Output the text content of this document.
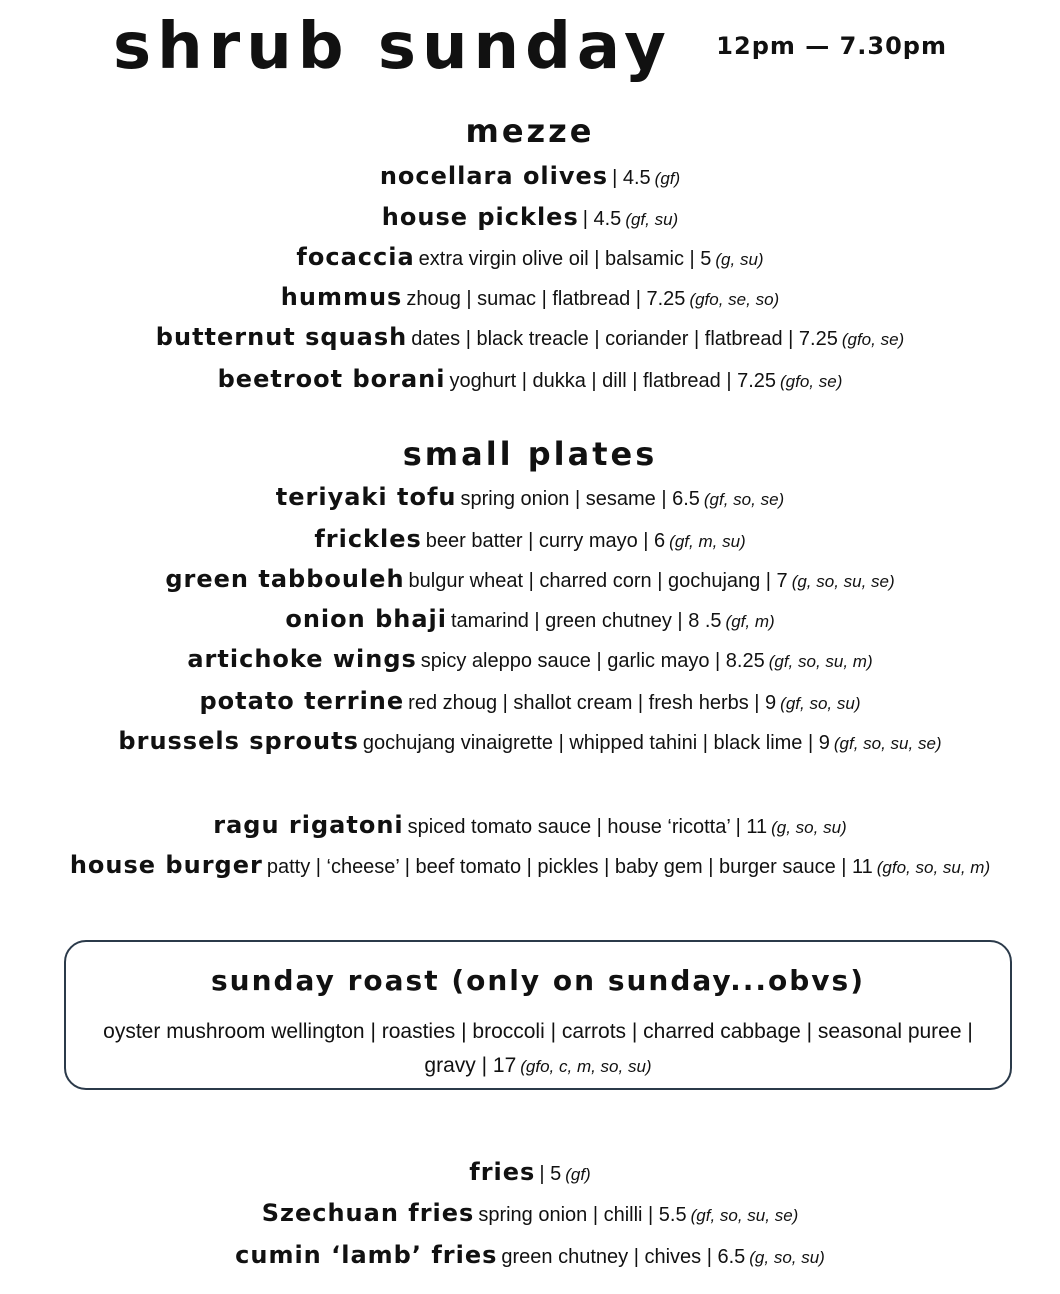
shrub sunday 12pm — 7.30pm
mezze
nocellara olives | 4.5 (gf)
house pickles | 4.5 (gf, su)
focaccia extra virgin olive oil | balsamic | 5 (g, su)
hummus zhoug | sumac | flatbread | 7.25 (gfo, se, so)
butternut squash dates | black treacle | coriander | flatbread | 7.25 (gfo, se)
beetroot borani yoghurt | dukka | dill | flatbread | 7.25 (gfo, se)
small plates
teriyaki tofu spring onion | sesame | 6.5 (gf, so, se)
frickles beer batter | curry mayo | 6 (gf, m, su)
green tabbouleh bulgur wheat | charred corn | gochujang | 7 (g, so, su, se)
onion bhaji tamarind | green chutney | 8 .5 (gf, m)
artichoke wings spicy aleppo sauce | garlic mayo | 8.25 (gf, so, su, m)
potato terrine red zhoug | shallot cream | fresh herbs | 9 (gf, so, su)
brussels sprouts gochujang vinaigrette | whipped tahini | black lime | 9 (gf, so, su, se)
ragu rigatoni spiced tomato sauce | house ‘ricotta’ | 11 (g, so, su)
house burger patty | ‘cheese’ | beef tomato | pickles | baby gem | burger sauce | 11 (gfo, so, su, m)
sunday roast (only on sunday...obvs)
oyster mushroom wellington | roasties | broccoli | carrots | charred cabbage | seasonal puree | gravy | 17 (gfo, c, m, so, su)
fries | 5 (gf)
Szechuan fries spring onion | chilli | 5.5 (gf, so, su, se)
cumin ‘lamb’ fries green chutney | chives | 6.5 (g, so, su)
